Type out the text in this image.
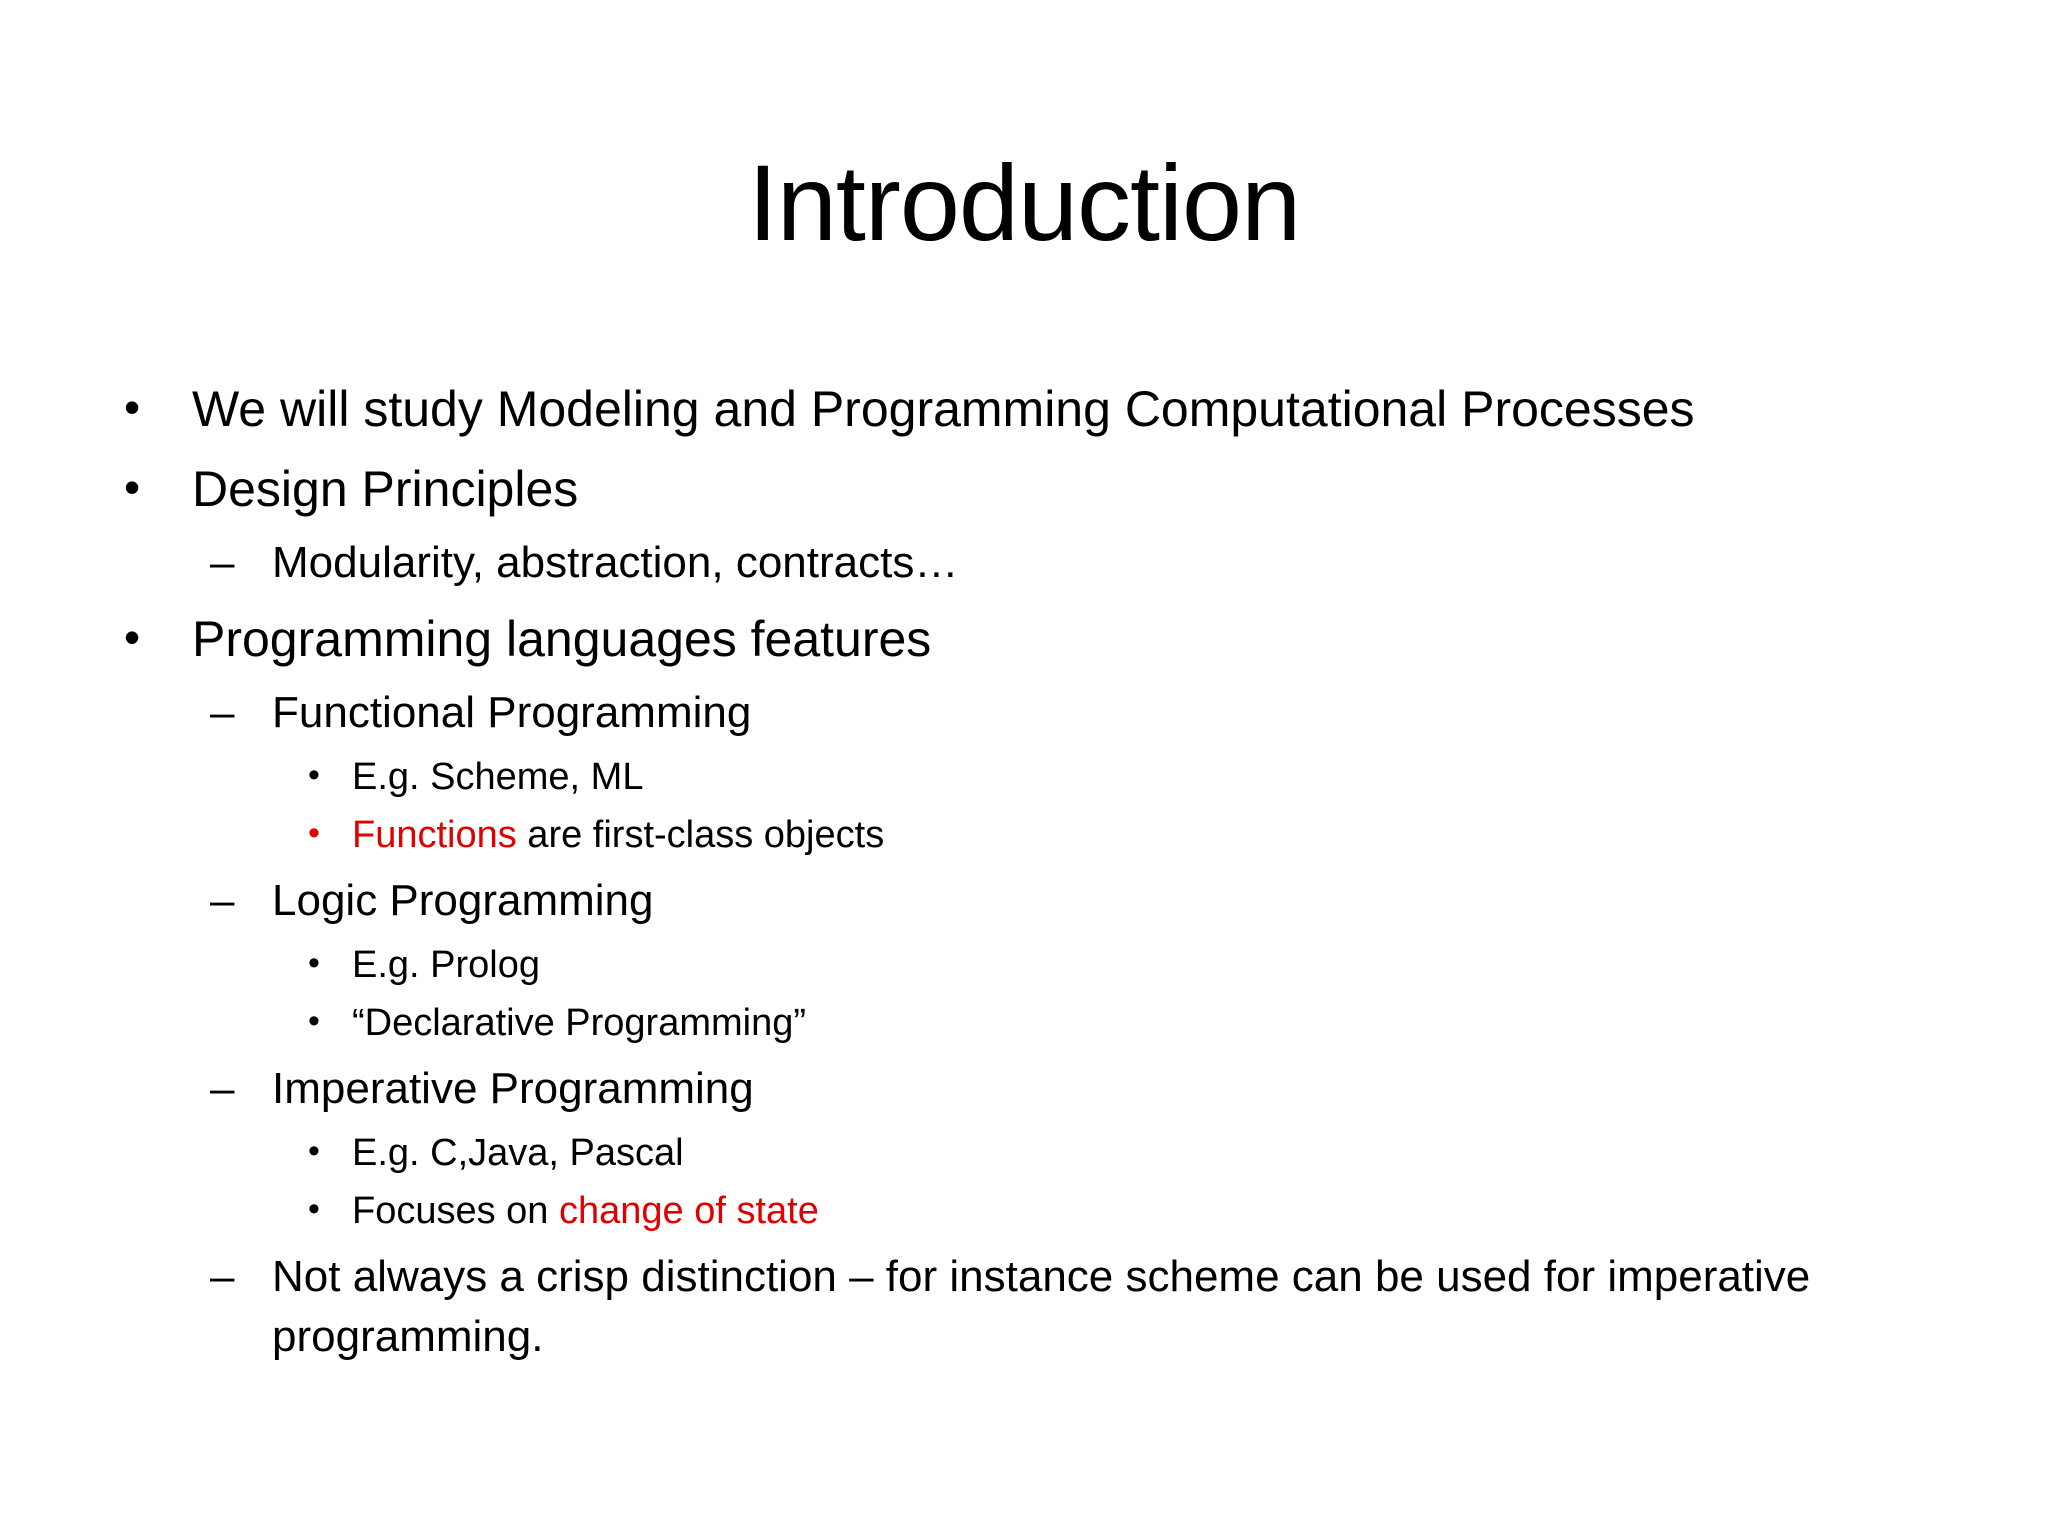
Introduction
• We will study Modeling and Programming Computational Processes
• Design Principles
– Modularity, abstraction, contracts…
• Programming languages features
– Functional Programming
• E.g. Scheme, ML
• Functions are first-class objects
– Logic Programming
• E.g. Prolog
• “Declarative Programming”
– Imperative Programming
• E.g. C,Java, Pascal
• Focuses on change of state
– Not always a crisp distinction – for instance scheme can be used for imperative
programming.
